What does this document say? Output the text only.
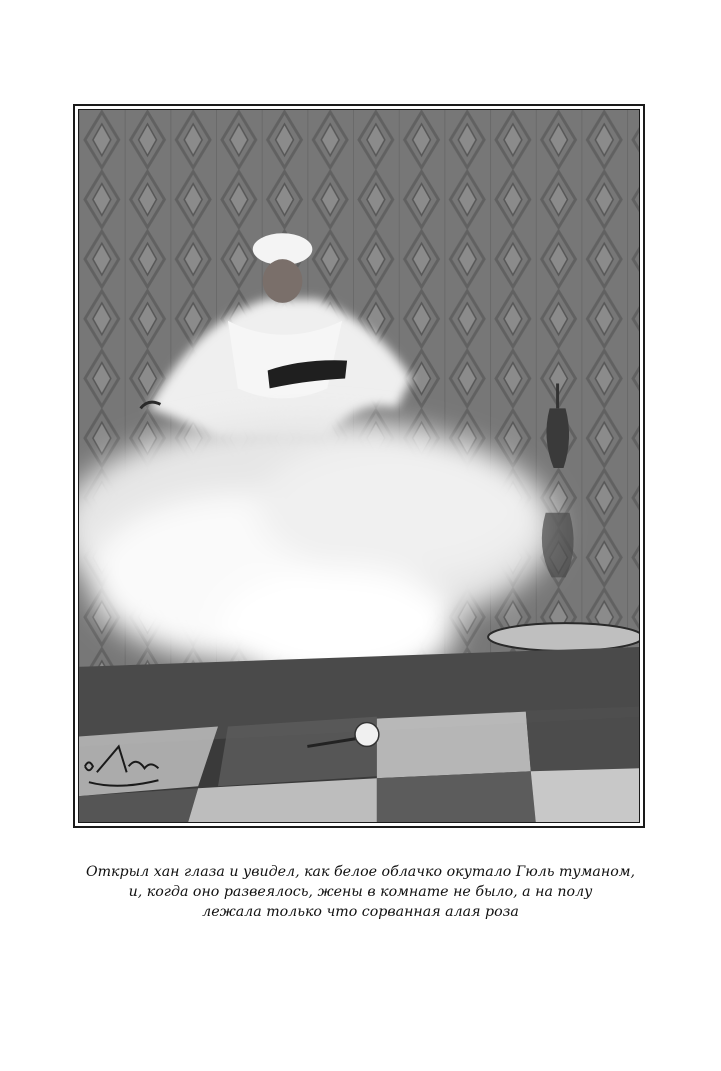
Открыл хан глаза и увидел, как белое облачко окутало Гюль туманом,
и, когда оно развеялось, жены в комнате не было, а на полу
лежала только что сорванная алая роза
